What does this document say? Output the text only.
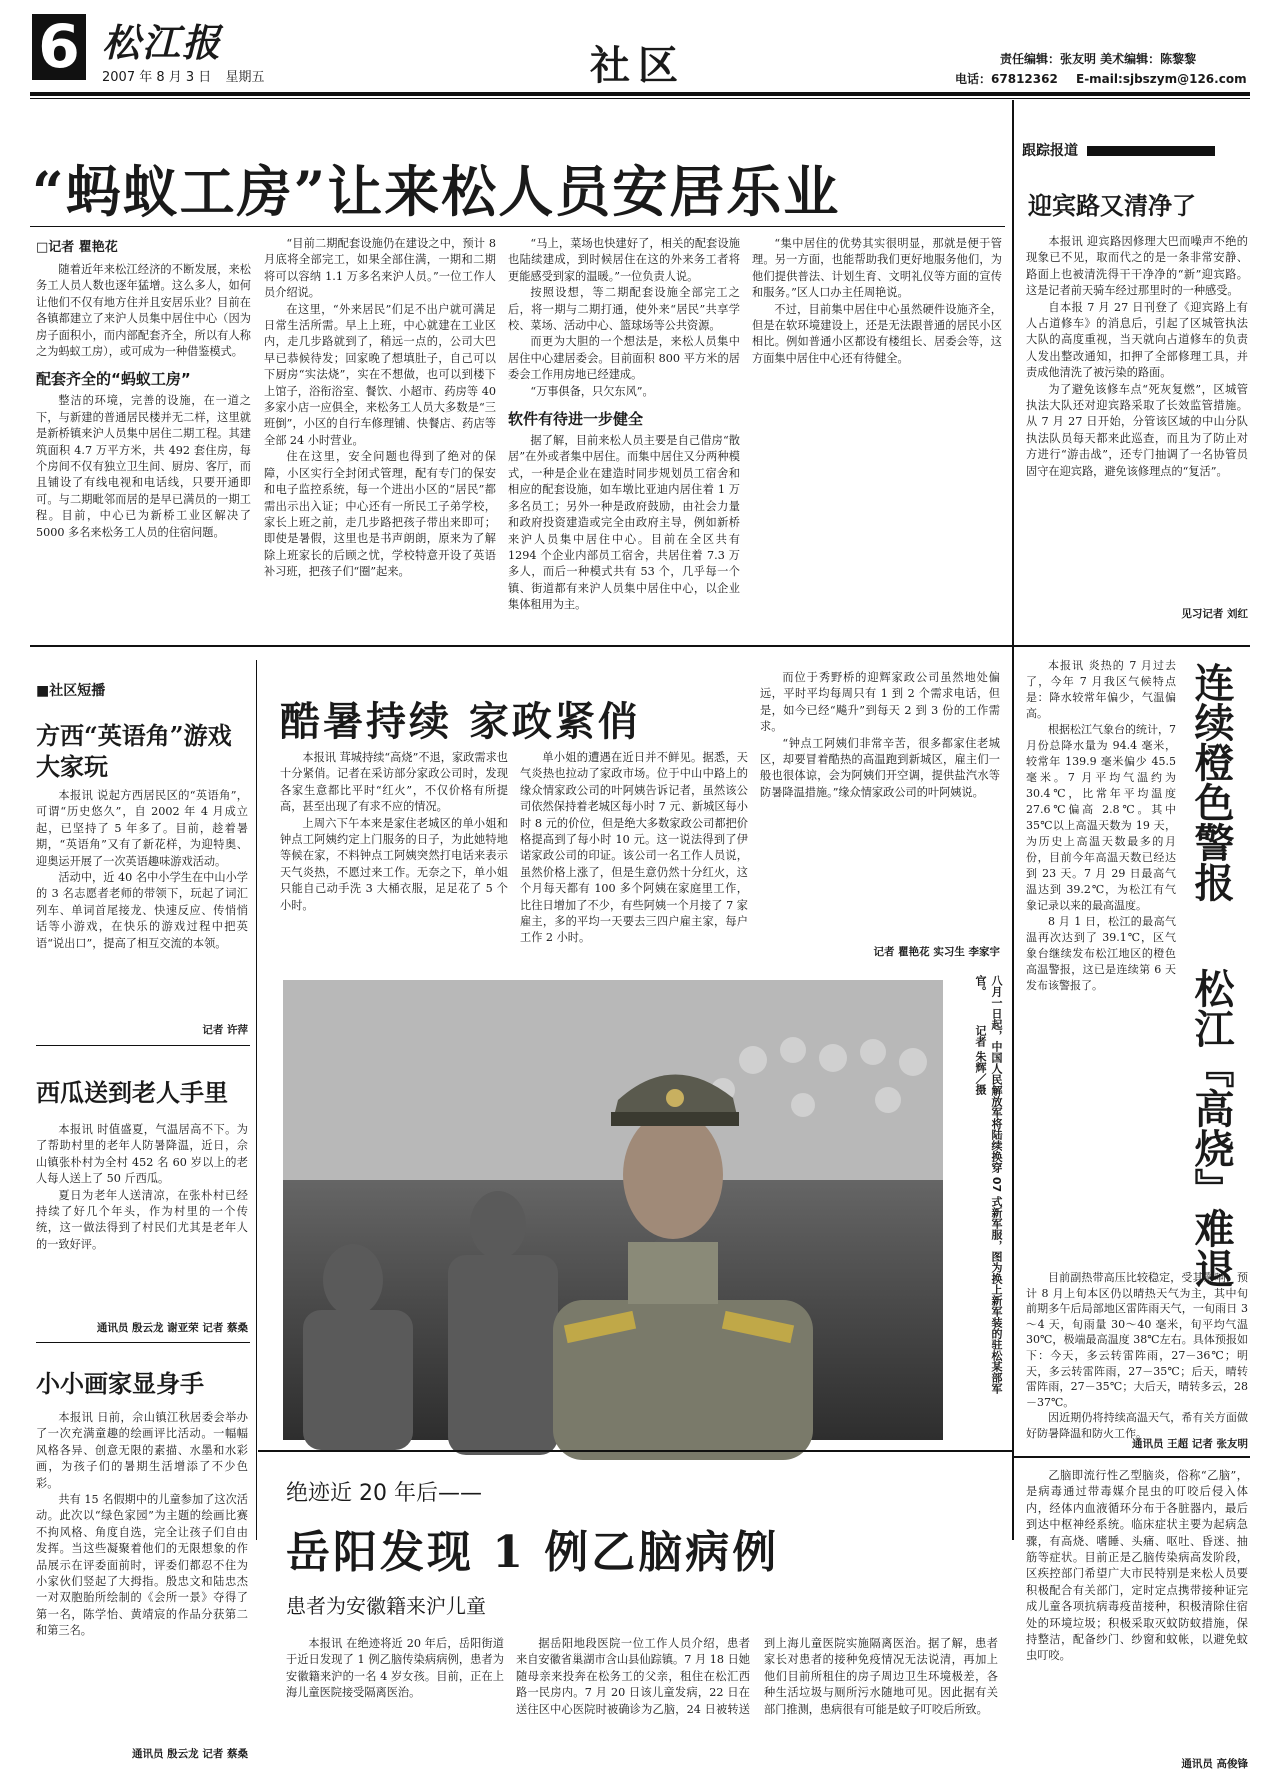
6 松江报
2007 年 8 月 3 日 星期五	社区	责任编辑：张友明 美术编辑：陈黎黎
电话：67812362 E-mail:sjbszym@126.com
“蚂蚁工房”让来松人员安居乐业
□记者 瞿艳花

随着近年来松江经济的不断发展，来松务工人员人数也逐年猛增。这么多人，如何让他们不仅有地方住并且安居乐业？目前在各镇都建立了来沪人员集中居住中心（因为房子面积小，而内部配套齐全，所以有人称之为蚂蚁工房），或可成为一种借鉴模式。

配套齐全的“蚂蚁工房”

整洁的环境，完善的设施，在一道之下，与新建的普通居民楼并无二样，这里就是新桥镇来沪人员集中居住二期工程。其建筑面积 4.7 万平方米，共 492 套住房，每个房间不仅有独立卫生间、厨房、客厅，而且铺设了有线电视和电话线，只要开通即可。与二期毗邻而居的是早已满员的一期工程。目前，中心已为新桥工业区解决了 5000 多名来松务工人员的住宿问题。

“目前二期配套设施仍在建设之中，预计 8 月底将全部完工，如果全部住满，一期和二期将可以容纳 1.1 万多名来沪人员。”一位工作人员介绍说。

在这里，“外来居民”们足不出户就可满足日常生活所需。早上上班，中心就建在工业区内，走几步路就到了，稍远一点的，公司大巴早已恭候待发；回家晚了想填肚子，自己可以下厨房“实法烧”，实在不想做，也可以到楼下上馆子，浴衔浴室、餐饮、小超市、药房等 40 多家小店一应俱全，来松务工人员大多数是“三班倒”，小区的自行车修理铺、快餐店、药店等全部 24 小时营业。

住在这里，安全问题也得到了绝对的保障，小区实行全封闭式管理，配有专门的保安和电子监控系统，每一个进出小区的“居民”都需出示出入证；中心还有一所民工子弟学校，家长上班之前，走几步路把孩子带出来即可；即使是暑假，这里也是书声朗朗，原来为了解除上班家长的后顾之忧，学校特意开设了英语补习班，把孩子们“圈”起来。

“马上，菜场也快建好了，相关的配套设施也陆续建成，到时候居住在这的外来务工者将更能感受到家的温暖。”一位负责人说。

按照设想，等二期配套设施全部完工之后，将一期与二期打通，使外来“居民”共享学校、菜场、活动中心、篮球场等公共资源。

而更为大胆的一个想法是，来松人员集中居住中心建居委会。目前面积 800 平方米的居委会工作用房地已经建成。

“万事俱备，只欠东风”。

软件有待进一步健全

据了解，目前来松人员主要是自己借房“散居”在外或者集中居住。而集中居住又分两种模式，一种是企业在建造时同步规划员工宿舍和相应的配套设施，如车墩比亚迪内居住着 1 万多名员工；另外一种是政府鼓励，由社会力量和政府投资建造或完全由政府主导，例如新桥来沪人员集中居住中心。目前在全区共有 1294 个企业内部员工宿舍，共居住着 7.3 万多人，而后一种模式共有 53 个，几乎每一个镇、街道都有来沪人员集中居住中心，以企业集体租用为主。

“集中居住的优势其实很明显，那就是便于管理。另一方面，也能帮助我们更好地服务他们，为他们提供普法、计划生育、文明礼仪等方面的宣传和服务。”区人口办主任周艳说。

不过，目前集中居住中心虽然硬件设施齐全，但是在软环境建设上，还是无法跟普通的居民小区相比。例如普通小区都设有楼组长、居委会等，这方面集中居住中心还有待健全。

跟踪报道
迎宾路又清净了

本报讯 迎宾路因修理大巴而噪声不绝的现象已不见，取而代之的是一条非常安静、路面上也被清洗得干干净净的“新”迎宾路。这是记者前天骑车经过那里时的一种感受。

自本报 7 月 27 日刊登了《迎宾路上有人占道修车》的消息后，引起了区城管执法大队的高度重视，当天就向占道修车的负责人发出整改通知，扣押了全部修理工具，并责成他清洗了被污染的路面。

为了避免该修车点“死灰复燃”，区城管执法大队还对迎宾路采取了长效监管措施。从 7 月 27 日开始，分管该区域的中山分队执法队员每天都来此巡查，而且为了防止对方进行“游击战”，还专门抽调了一名协管员固守在迎宾路，避免该修理点的“复活”。

见习记者 刘红
■社区短播
方西“英语角”游戏大家玩

本报讯 说起方西居民区的“英语角”，可谓“历史悠久”，自 2002 年 4 月成立起，已坚持了 5 年多了。目前，趁着暑期，“英语角”又有了新花样，为迎特奥、迎奥运开展了一次英语趣味游戏活动。

活动中，近 40 名中小学生在中山小学的 3 名志愿者老师的带领下，玩起了词汇列车、单词首尾接龙、快速反应、传悄悄话等小游戏，在快乐的游戏过程中把英语“说出口”，提高了相互交流的本领。

记者 许萍
西瓜送到老人手里

本报讯 时值盛夏，气温居高不下。为了帮助村里的老年人防暑降温，近日，佘山镇张朴村为全村 452 名 60 岁以上的老人每人送上了 50 斤西瓜。

夏日为老年人送清凉，在张朴村已经持续了好几个年头，作为村里的一个传统，这一做法得到了村民们尤其是老年人的一致好评。

通讯员 殷云龙 谢亚荣 记者 蔡桑
小小画家显身手

本报讯 日前，佘山镇江秋居委会举办了一次充满童趣的绘画评比活动。一幅幅风格各异、创意无限的素描、水墨和水彩画，为孩子们的暑期生活增添了不少色彩。

共有 15 名假期中的儿童参加了这次活动。此次以“绿色家园”为主题的绘画比赛不拘风格、角度自选，完全让孩子们自由发挥。当这些凝聚着他们的无限想象的作品展示在评委面前时，评委们都忍不住为小家伙们竖起了大拇指。殷忠文和陆忠杰一对双胞胎所绘制的《会所一景》夺得了第一名，陈学怡、黄靖宸的作品分获第二和第三名。

通讯员 殷云龙 记者 蔡桑
酷暑持续 家政紧俏

本报讯 茸城持续“高烧”不退，家政需求也十分紧俏。记者在采访部分家政公司时，发现各家生意都比平时“红火”，不仅价格有所提高，甚至出现了有求不应的情况。

上周六下午本来是家住老城区的单小姐和钟点工阿姨约定上门服务的日子，为此她特地等候在家，不料钟点工阿姨突然打电话来表示天气炎热，不愿过来工作。无奈之下，单小姐只能自己动手洗 3 大桶衣服，足足花了 5 个小时。

单小姐的遭遇在近日并不鲜见。据悉，天气炎热也拉动了家政市场。位于中山中路上的缘众情家政公司的叶阿姨告诉记者，虽然该公司依然保持着老城区每小时 7 元、新城区每小时 8 元的价位，但是绝大多数家政公司都把价格提高到了每小时 10 元。这一说法得到了伊诺家政公司的印证。该公司一名工作人员说，虽然价格上涨了，但是生意仍然十分红火，这个月每天都有 100 多个阿姨在家庭里工作，比往日增加了不少，有些阿姨一个月接了 7 家雇主，多的平均一天要去三四户雇主家，每户工作 2 小时。

而位于秀野桥的迎辉家政公司虽然地处偏远，平时平均每周只有 1 到 2 个需求电话，但是，如今已经“飚升”到每天 2 到 3 份的工作需求。

“钟点工阿姨们非常辛苦，很多都家住老城区，却要冒着酷热的高温跑到新城区，雇主们一般也很体谅，会为阿姨们开空调，提供盐汽水等防暑降温措施。”缘众情家政公司的叶阿姨说。

记者 瞿艳花 实习生 李家宇
八月一日起，中国人民解放军将陆续换穿 07 式新军服，图为换上新军装的驻松某部军官。 记者 朱辉／摄

本报讯 炎热的 7 月过去了，今年 7 月我区气候特点是：降水较常年偏少，气温偏高。

根据松江气象台的统计，7 月份总降水量为 94.4 毫米，较常年 139.9 毫米偏少 45.5 毫米。7 月平均气温约为 30.4℃，比常年平均温度 27.6℃偏高 2.8℃。其中 35℃以上高温天数为 19 天，为历史上高温天数最多的月份，目前今年高温天数已经达到 23 天。7 月 29 日最高气温达到 39.2℃，为松江有气象记录以来的最高温度。

8 月 1 日，松江的最高气温再次达到了 39.1℃，区气象台继续发布松江地区的橙色高温警报，这已是连续第 6 天发布该警报了。

连续橙色警报
松江『高烧』难退

目前副热带高压比较稳定，受其影响，预计 8 月上旬本区仍以晴热天气为主，其中旬前期多午后局部地区雷阵雨天气，一旬雨日 3～4 天，旬雨量 30～40 毫米，旬平均气温 30℃，极端最高温度 38℃左右。具体预报如下：今天，多云转雷阵雨，27－36℃；明天，多云转雷阵雨，27－35℃；后天，晴转雷阵雨，27－35℃；大后天，晴转多云，28－37℃。

因近期仍将持续高温天气，希有关方面做好防暑降温和防火工作。

通讯员 王超 记者 张友明
绝迹近 20 年后——
岳阳发现 1 例乙脑病例
患者为安徽籍来沪儿童

本报讯 在绝迹将近 20 年后，岳阳街道于近日发现了 1 例乙脑传染病病例，患者为安徽籍来沪的一名 4 岁女孩。目前，正在上海儿童医院接受隔离医治。

据岳阳地段医院一位工作人员介绍，患者来自安徽省巢湖市含山县仙踪镇。7 月 18 日她随母亲来投奔在松务工的父亲，租住在松汇西路一民房内。7 月 20 日该儿童发病，22 日在送往区中心医院时被确诊为乙脑，24 日被转送到上海儿童医院实施隔离医治。据了解，患者家长对患者的接种免疫情况无法说清，再加上他们目前所租住的房子周边卫生环境极差，各种生活垃圾与厕所污水随地可见。因此据有关部门推测，患病很有可能是蚊子叮咬后所致。

乙脑即流行性乙型脑炎，俗称“乙脑”，是病毒通过带毒媒介昆虫的叮咬后侵入体内，经体内血液循环分布于各脏器内，最后到达中枢神经系统。临床症状主要为起病急骤，有高烧、嗜睡、头痛、呕吐、昏迷、抽筋等症状。目前正是乙脑传染病高发阶段，区疾控部门希望广大市民特别是来松人员要积极配合有关部门，定时定点携带接种证完成儿童各项抗病毒疫苗接种，积极清除住宿处的环境垃圾；积极采取灭蚊防蚊措施，保持整洁，配备纱门、纱窗和蚊帐，以避免蚊虫叮咬。

通讯员 高俊锋
